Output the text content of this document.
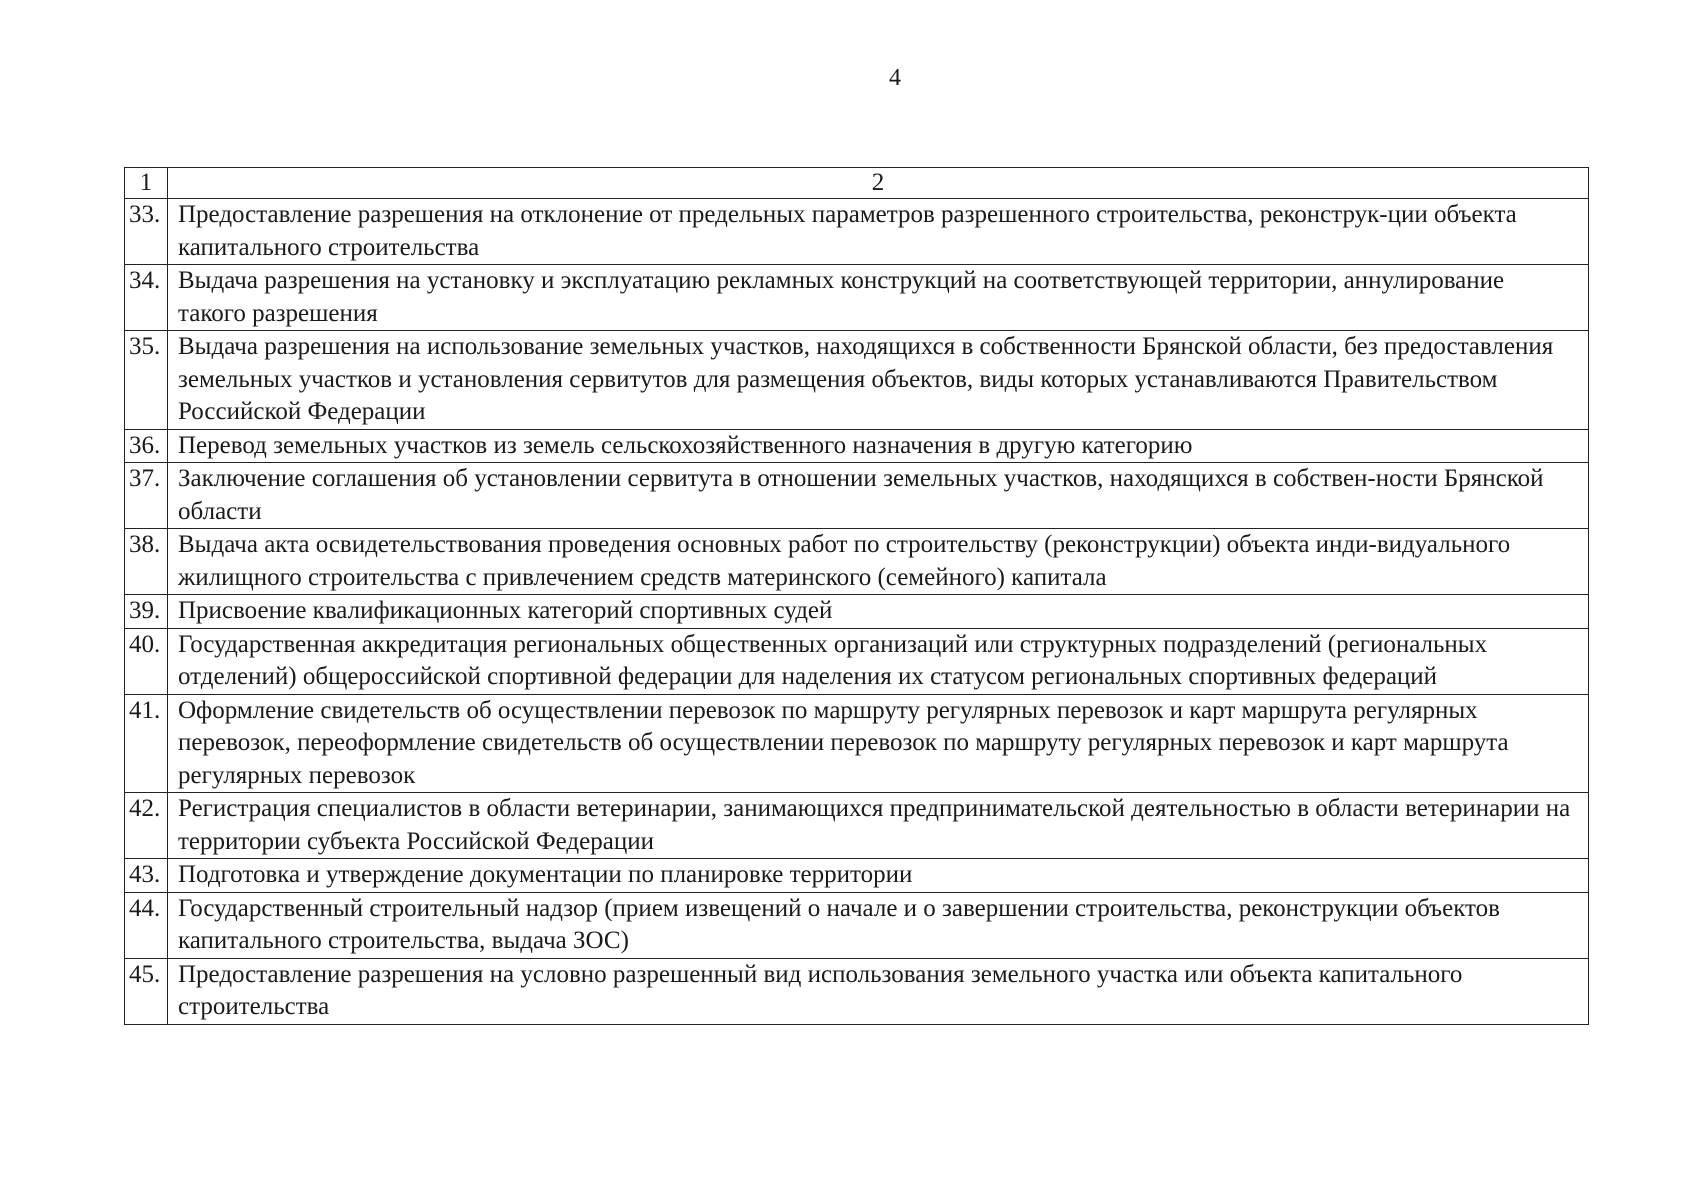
4
1	2
33.	Предоставление разрешения на отклонение от предельных параметров разрешенного строительства, реконструк-ции объекта капитального строительства
34.	Выдача разрешения на установку и эксплуатацию рекламных конструкций на соответствующей территории, аннулирование такого разрешения
35.	Выдача разрешения на использование земельных участков, находящихся в собственности Брянской области, без предоставления земельных участков и установления сервитутов для размещения объектов, виды которых устанавливаются Правительством Российской Федерации
36.	Перевод земельных участков из земель сельскохозяйственного назначения в другую категорию
37.	Заключение соглашения об установлении сервитута в отношении земельных участков, находящихся в собствен-ности Брянской области
38.	Выдача акта освидетельствования проведения основных работ по строительству (реконструкции) объекта инди-видуального жилищного строительства с привлечением средств материнского (семейного) капитала
39.	Присвоение квалификационных категорий спортивных судей
40.	Государственная аккредитация региональных общественных организаций или структурных подразделений (региональных отделений) общероссийской спортивной федерации для наделения их статусом региональных спортивных федераций
41.	Оформление свидетельств об осуществлении перевозок по маршруту регулярных перевозок и карт маршрута регулярных перевозок, переоформление свидетельств об осуществлении перевозок по маршруту регулярных перевозок и карт маршрута регулярных перевозок
42.	Регистрация специалистов в области ветеринарии, занимающихся предпринимательской деятельностью в области ветеринарии на территории субъекта Российской Федерации
43.	Подготовка и утверждение документации по планировке территории
44.	Государственный строительный надзор (прием извещений о начале и о завершении строительства, реконструкции объектов капитального строительства, выдача ЗОС)
45.	Предоставление разрешения на условно разрешенный вид использования земельного участка или объекта капитального строительства
